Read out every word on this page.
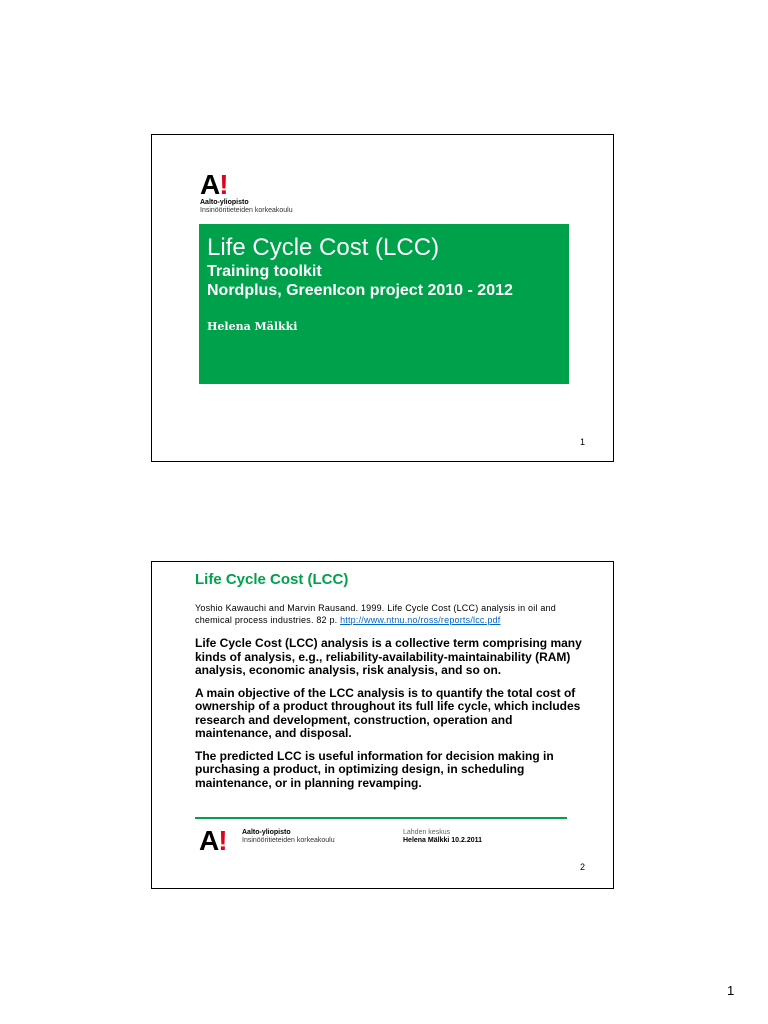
A!
Aalto-yliopisto
Insinööritieteiden korkeakoulu
Life Cycle Cost (LCC)
Training toolkit
Nordplus, GreenIcon project 2010 - 2012
Helena Mälkki
1
Life Cycle Cost (LCC)
Yoshio Kawauchi and Marvin Rausand. 1999. Life Cycle Cost (LCC) analysis in oil and chemical process industries. 82 p. http://www.ntnu.no/ross/reports/lcc.pdf

Life Cycle Cost (LCC) analysis is a collective term comprising many kinds of analysis, e.g., reliability-availability-maintainability (RAM) analysis, economic analysis, risk analysis, and so on.

A main objective of the LCC analysis is to quantify the total cost of ownership of a product throughout its full life cycle, which includes research and development, construction, operation and maintenance, and disposal.

The predicted LCC is useful information for decision making in purchasing a product, in optimizing design, in scheduling maintenance, or in planning revamping.

A! Aalto-yliopisto
Insinööritieteiden korkeakoulu
Lahden keskus
Helena Mälkki 10.2.2011
2
1
